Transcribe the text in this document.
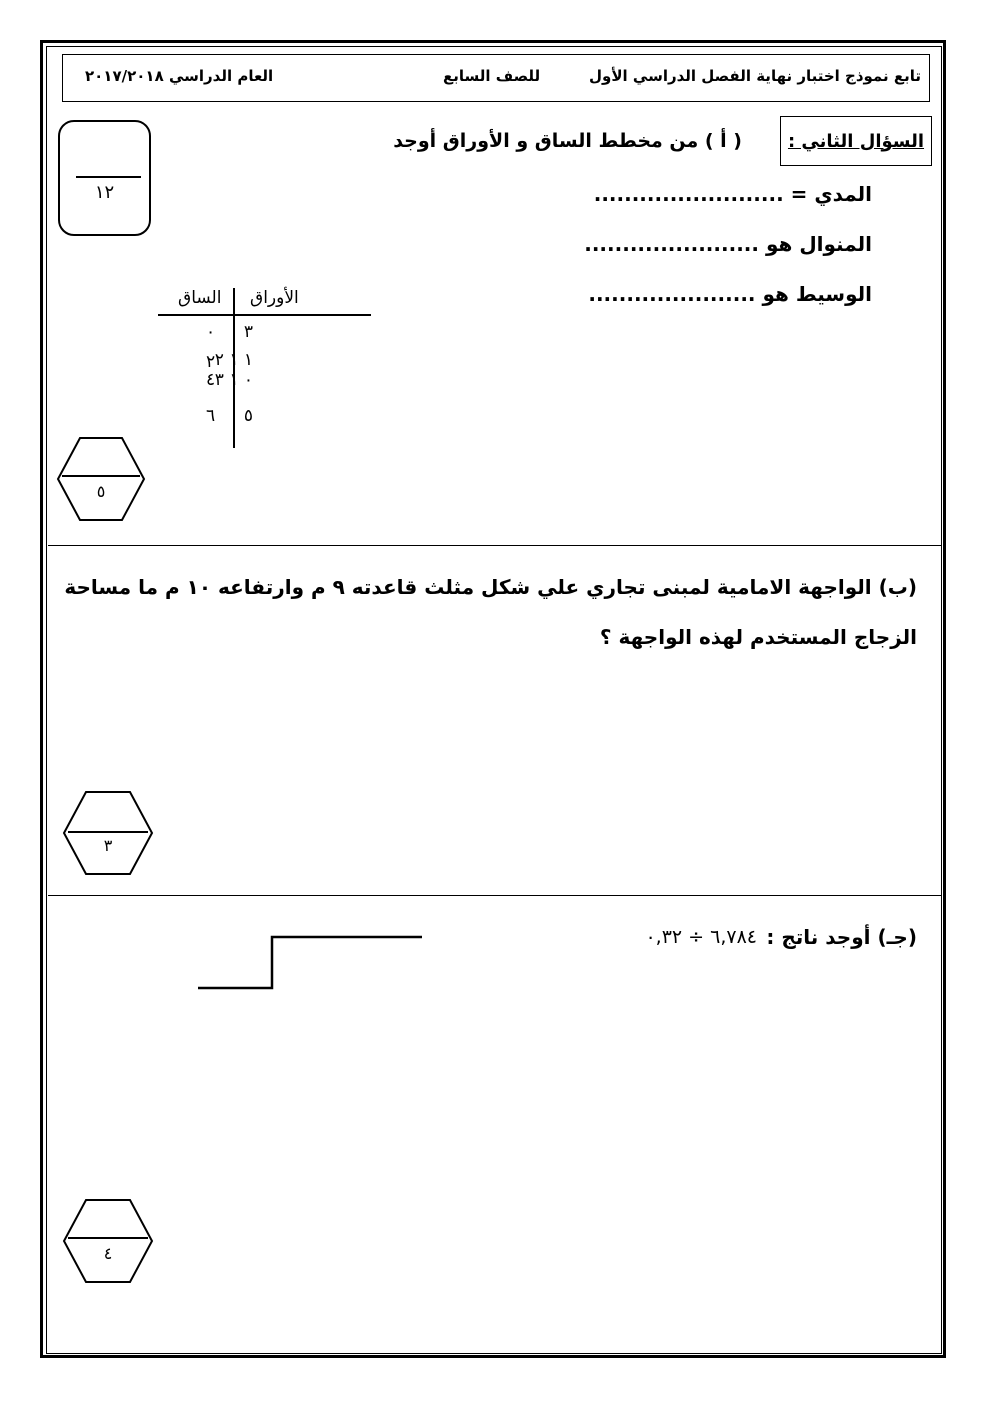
تابع نموذج اختبار نهاية الفصل الدراسي الأول
للصف السابع
العام الدراسي ٢٠١٧/٢٠١٨
السؤال الثاني :
١٢
( أ ) من مخطط الساق و الأوراق أوجد
المدي = .........................
المنوال هو .......................
الوسيط هو ......................
الساق الأوراق
٠ ٣
٢ ١ ١ ٢
٤ ٠ ١ ٣
٦ ٥
٥
(ب) الواجهة الامامية لمبنى تجاري علي شكل مثلث قاعدته ٩ م وارتفاعه ١٠ م ما مساحة
الزجاج المستخدم لهذه الواجهة ؟
٣
(جـ) أوجد ناتج :
٦,٧٨٤ ÷ ٠,٣٢
٤
